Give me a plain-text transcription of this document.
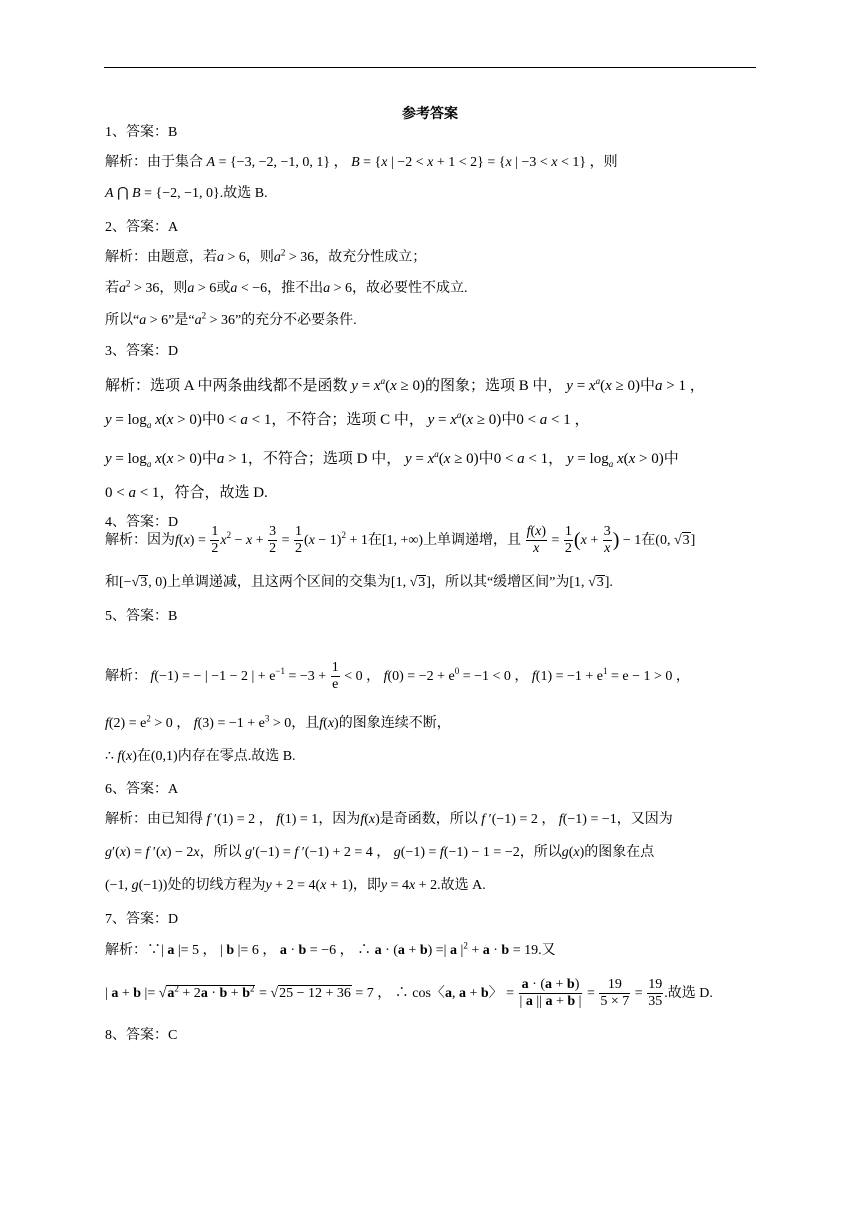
参考答案
1、答案：B
解析：由于集合 A = {−3, −2, −1, 0, 1} ， B = {x | −2 < x + 1 < 2} = {x | −3 < x < 1} ，则
A ⋂ B = {−2, −1, 0}.故选 B.
2、答案：A
解析：由题意，若a > 6，则$a^2 > 36$，故充分性成立；
若$a^2 > 36$，则a > 6或a < −6，推不出a > 6，故必要性不成立.
所以“a > 6”是“$a^2 > 36$”的充分不必要条件.
3、答案：D
解析：选项 A 中两条曲线都不是函数 $y = x^a(x \ge 0)$的图象；选项 B 中， $y = x^a(x \ge 0)$中a > 1 ，
$y = \log_a x(x > 0)$中0 < a < 1，不符合；选项 C 中， $y = x^a(x \ge 0)$中0 < a < 1 ，
$y = \log_a x(x > 0)$中a > 1，不符合；选项 D 中， $y = x^a(x \ge 0)$中0 < a < 1， $y = \log_a x(x > 0)$中
0 < a < 1，符合，故选 D.
4、答案：D
解析：因为$f(x) = \frac{1}{2} x^2 - x + \frac{3}{2} = \frac{1}{2} (x - 1)^2 + 1$在[1, +∞)上单调递增，且 $\frac{f(x)}{x} = \frac{1}{2} (x + \frac{3}{x}$ ) − 1在(0, √3]
和[−√3, 0)上单调递减，且这两个区间的交集为[1, √3]，所以其“缓增区间”为[1, √3].
5、答案：B
解析： f(−1) = − | −1 − 2 | + $e^{-1} = -3 + \frac{1}{e} < 0$ ， $f(0) = -2 + e^0 = -1 < 0$ ， $f(1) = -1 + e^1 = e - 1 > 0$ ，
$f(2) = e^2 > 0$ ， $f(3) = -1 + e^3 > 0$，且f(x)的图象连续不断，
∴ f(x)在(0,1)内存在零点.故选 B.
6、答案：A
解析：由已知得 f ′(1) = 2 ， f(1) = 1，因为f(x)是奇函数，所以 f ′(−1) = 2 ， f(−1) = −1，又因为
g′(x) = f ′(x) − 2x，所以 g′(−1) = f ′(−1) + 2 = 4 ， g(−1) = f(−1) − 1 = −2，所以g(x)的图象在点
(−1, g(−1))处的切线方程为y + 2 = 4(x + 1)，即y = 4x + 2.故选 A.
7、答案：D
解析：∵| a |= 5 ， | b |= 6 ， a · b = −6 ， ∴ a · (a + b) =| a $|^2 + a \cdot b = 19$.又
| a + b |= $√a^2 + 2a \cdot b + b^2 = √25 - 12 + 36 = 7$ ， ∴ cos〈a, a + b〉 = $\frac{a \cdot (a + b)}{| a || a + b |} = \frac{19}{5 \times 7} = \frac{19}{35}$ .故选 D.
8、答案：C
